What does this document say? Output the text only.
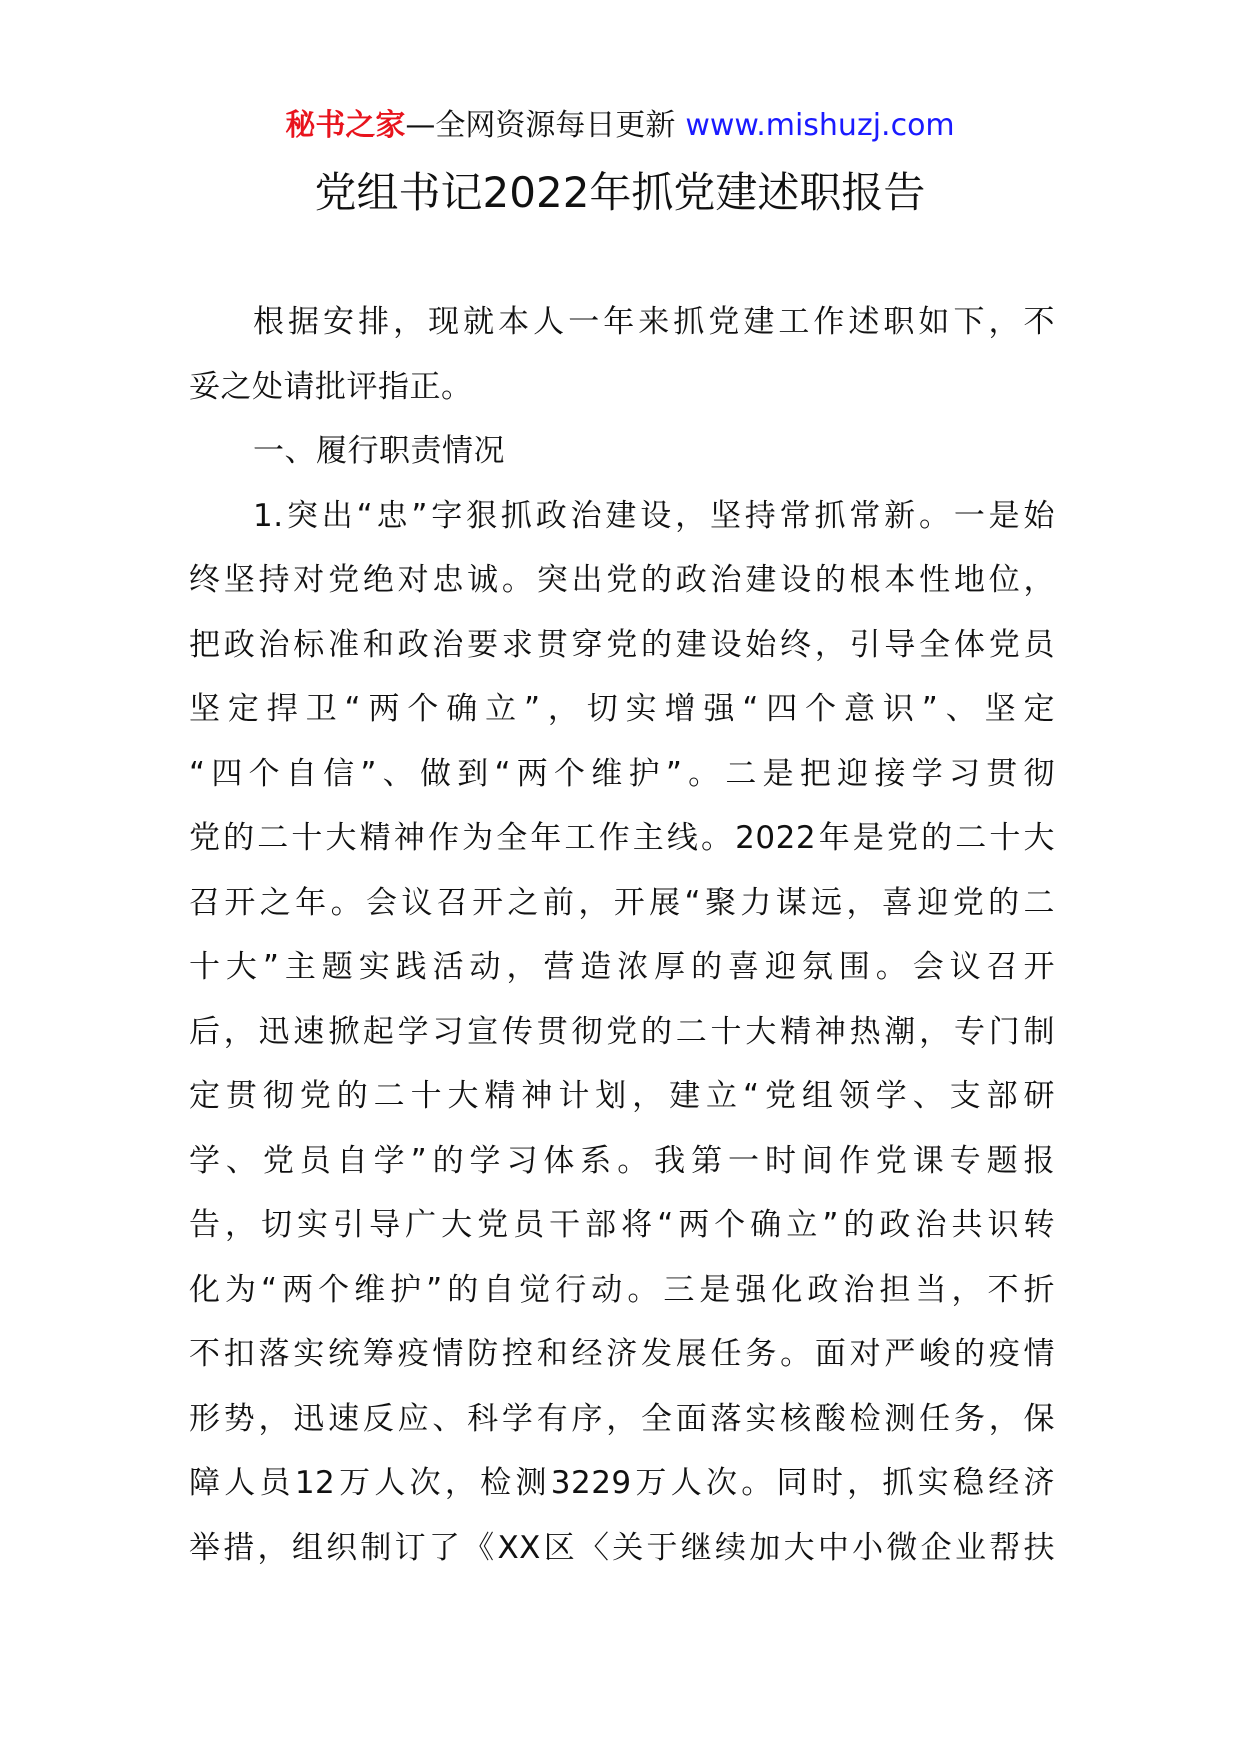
秘书之家—全网资源每日更新 www.mishuzj.com
党组书记2022年抓党建述职报告
根据安排，现就本人一年来抓党建工作述职如下，不
妥之处请批评指正。
一、履行职责情况
1.突出“忠”字狠抓政治建设，坚持常抓常新。一是始
终坚持对党绝对忠诚。突出党的政治建设的根本性地位，
把政治标准和政治要求贯穿党的建设始终，引导全体党员
坚定捍卫“两个确立”，切实增强“四个意识”、坚定
“四个自信”、做到“两个维护”。二是把迎接学习贯彻
党的二十大精神作为全年工作主线。2022年是党的二十大
召开之年。会议召开之前，开展“聚力谋远，喜迎党的二
十大”主题实践活动，营造浓厚的喜迎氛围。会议召开
后，迅速掀起学习宣传贯彻党的二十大精神热潮，专门制
定贯彻党的二十大精神计划，建立“党组领学、支部研
学、党员自学”的学习体系。我第一时间作党课专题报
告，切实引导广大党员干部将“两个确立”的政治共识转
化为“两个维护”的自觉行动。三是强化政治担当，不折
不扣落实统筹疫情防控和经济发展任务。面对严峻的疫情
形势，迅速反应、科学有序，全面落实核酸检测任务，保
障人员12万人次，检测3229万人次。同时，抓实稳经济
举措，组织制订了《XX区〈关于继续加大中小微企业帮扶
